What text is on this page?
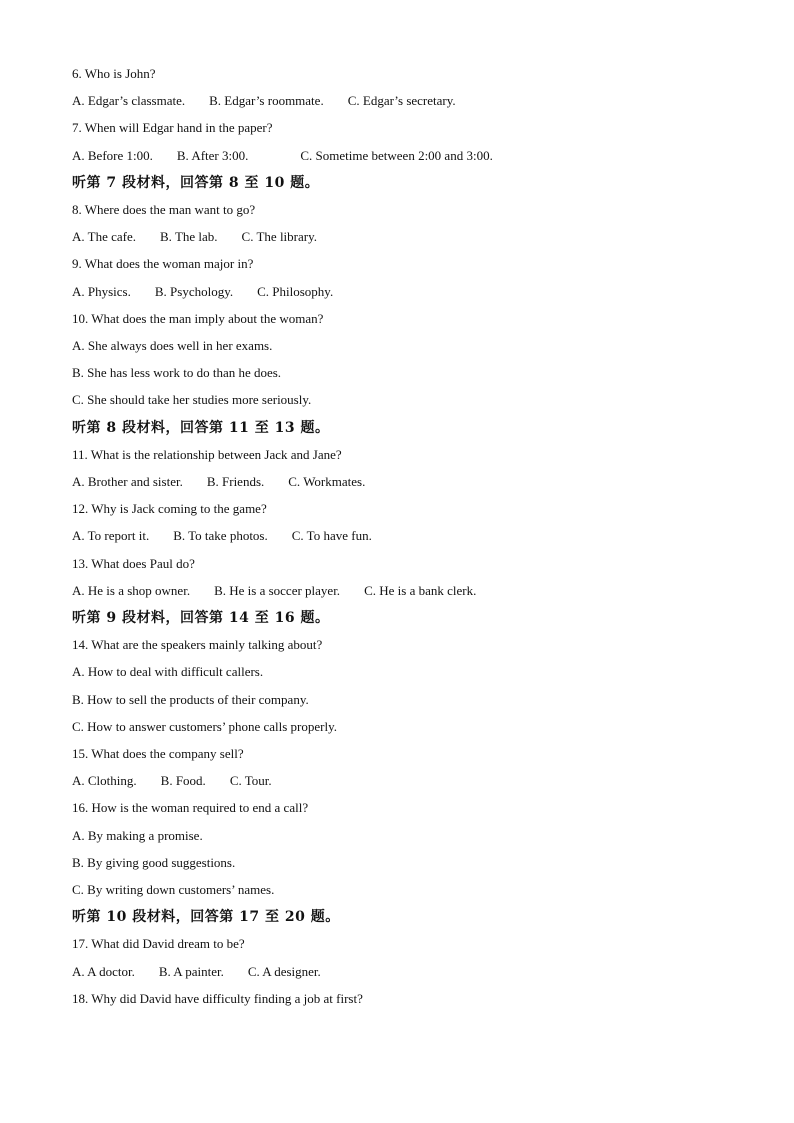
6. Who is John?
A. Edgar’s classmate. B. Edgar’s roommate. C. Edgar’s secretary.
7. When will Edgar hand in the paper?
A. Before 1:00. B. After 3:00.	C. Sometime between 2:00 and 3:00.
听第 7 段材料，回答第 8 至 10 题。
8. Where does the man want to go?
A. The cafe. B. The lab. C. The library.
9. What does the woman major in?
A. Physics. B. Psychology. C. Philosophy.
10. What does the man imply about the woman?
A. She always does well in her exams.
B. She has less work to do than he does.
C. She should take her studies more seriously.
听第 8 段材料，回答第 11 至 13 题。
11. What is the relationship between Jack and Jane?
A. Brother and sister. B. Friends. C. Workmates.
12. Why is Jack coming to the game?
A. To report it. B. To take photos. C. To have fun.
13. What does Paul do?
A. He is a shop owner. B. He is a soccer player. C. He is a bank clerk.
听第 9 段材料，回答第 14 至 16 题。
14. What are the speakers mainly talking about?
A. How to deal with difficult callers.
B. How to sell the products of their company.
C. How to answer customers’ phone calls properly.
15. What does the company sell?
A. Clothing. B. Food. C. Tour.
16. How is the woman required to end a call?
A. By making a promise.
B. By giving good suggestions.
C. By writing down customers’ names.
听第 10 段材料，回答第 17 至 20 题。
17. What did David dream to be?
A. A doctor. B. A painter. C. A designer.
18. Why did David have difficulty finding a job at first?
